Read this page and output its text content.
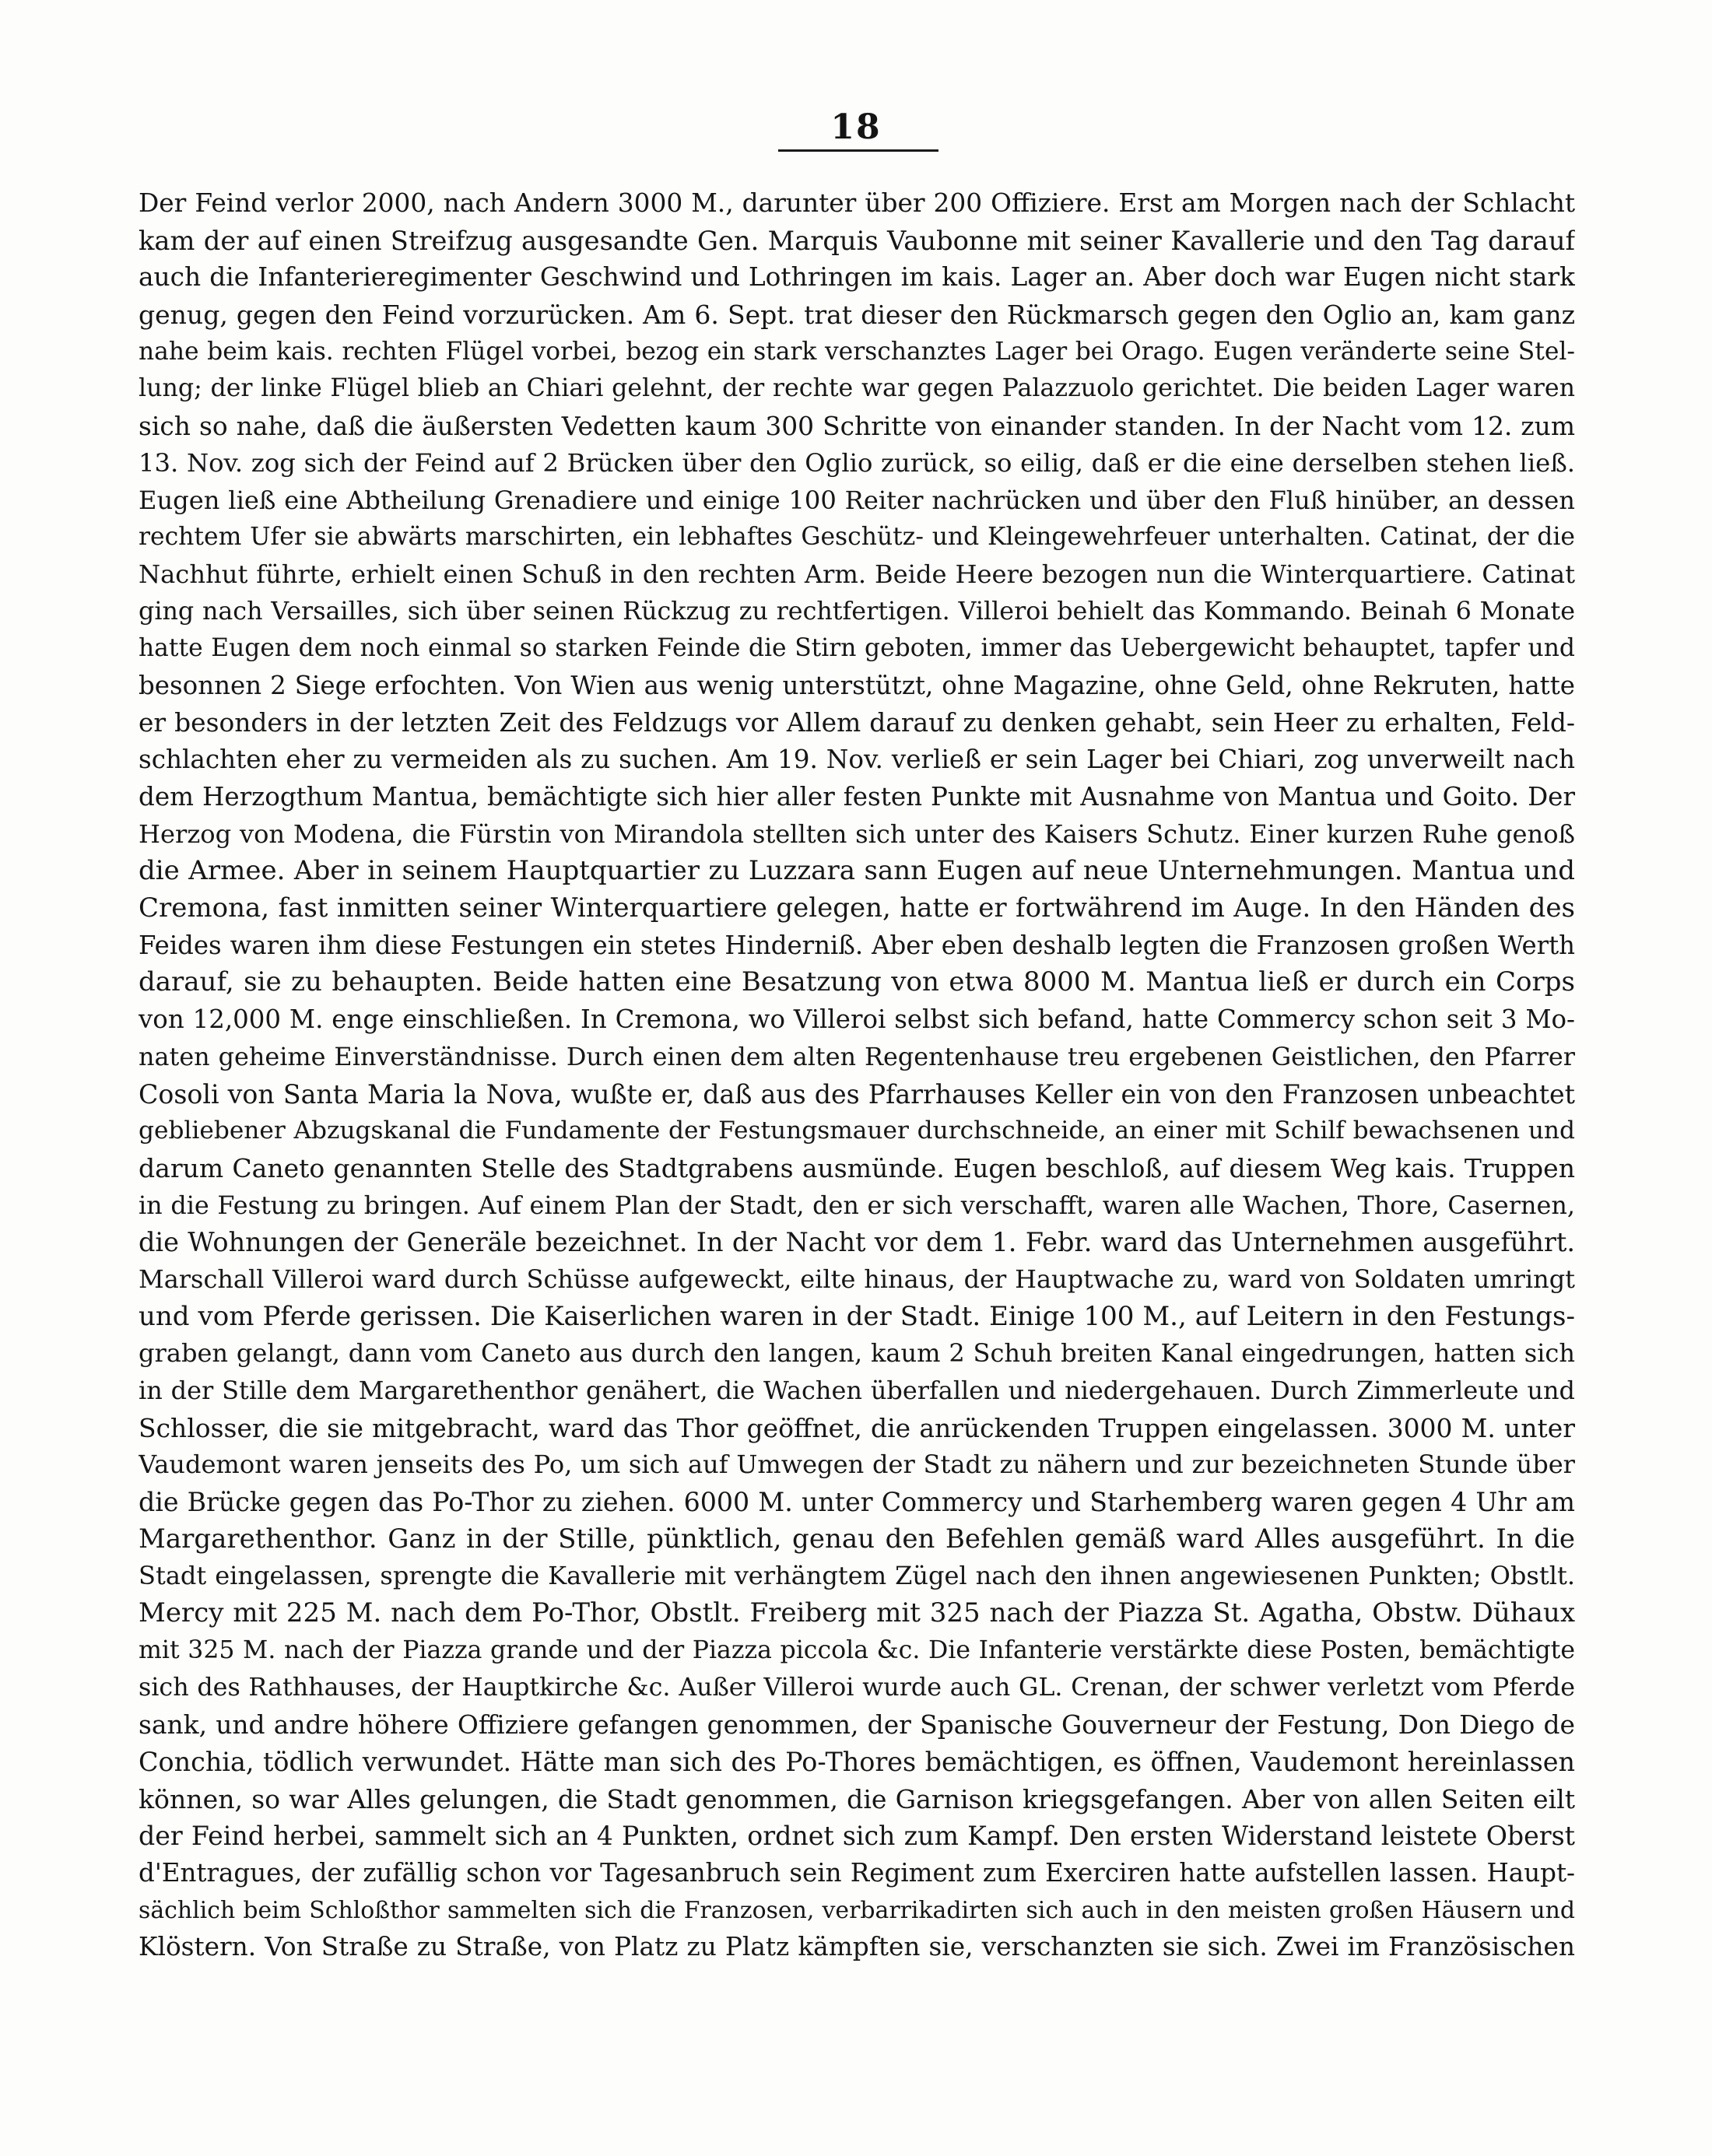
18
Der Feind verlor 2000, nach Andern 3000 M., darunter über 200 Offiziere. Erst am Morgen nach der Schlacht
kam der auf einen Streifzug ausgesandte Gen. Marquis Vaubonne mit seiner Kavallerie und den Tag darauf
auch die Infanterieregimenter Geschwind und Lothringen im kais. Lager an. Aber doch war Eugen nicht stark
genug, gegen den Feind vorzurücken. Am 6. Sept. trat dieser den Rückmarsch gegen den Oglio an, kam ganz
nahe beim kais. rechten Flügel vorbei, bezog ein stark verschanztes Lager bei Orago. Eugen veränderte seine Stel-
lung; der linke Flügel blieb an Chiari gelehnt, der rechte war gegen Palazzuolo gerichtet. Die beiden Lager waren
sich so nahe, daß die äußersten Vedetten kaum 300 Schritte von einander standen. In der Nacht vom 12. zum
13. Nov. zog sich der Feind auf 2 Brücken über den Oglio zurück, so eilig, daß er die eine derselben stehen ließ.
Eugen ließ eine Abtheilung Grenadiere und einige 100 Reiter nachrücken und über den Fluß hinüber, an dessen
rechtem Ufer sie abwärts marschirten, ein lebhaftes Geschütz- und Kleingewehrfeuer unterhalten. Catinat, der die
Nachhut führte, erhielt einen Schuß in den rechten Arm. Beide Heere bezogen nun die Winterquartiere. Catinat
ging nach Versailles, sich über seinen Rückzug zu rechtfertigen. Villeroi behielt das Kommando. Beinah 6 Monate
hatte Eugen dem noch einmal so starken Feinde die Stirn geboten, immer das Uebergewicht behauptet, tapfer und
besonnen 2 Siege erfochten. Von Wien aus wenig unterstützt, ohne Magazine, ohne Geld, ohne Rekruten, hatte
er besonders in der letzten Zeit des Feldzugs vor Allem darauf zu denken gehabt, sein Heer zu erhalten, Feld-
schlachten eher zu vermeiden als zu suchen. Am 19. Nov. verließ er sein Lager bei Chiari, zog unverweilt nach
dem Herzogthum Mantua, bemächtigte sich hier aller festen Punkte mit Ausnahme von Mantua und Goito. Der
Herzog von Modena, die Fürstin von Mirandola stellten sich unter des Kaisers Schutz. Einer kurzen Ruhe genoß
die Armee. Aber in seinem Hauptquartier zu Luzzara sann Eugen auf neue Unternehmungen. Mantua und
Cremona, fast inmitten seiner Winterquartiere gelegen, hatte er fortwährend im Auge. In den Händen des
Feides waren ihm diese Festungen ein stetes Hinderniß. Aber eben deshalb legten die Franzosen großen Werth
darauf, sie zu behaupten. Beide hatten eine Besatzung von etwa 8000 M. Mantua ließ er durch ein Corps
von 12,000 M. enge einschließen. In Cremona, wo Villeroi selbst sich befand, hatte Commercy schon seit 3 Mo-
naten geheime Einverständnisse. Durch einen dem alten Regentenhause treu ergebenen Geistlichen, den Pfarrer
Cosoli von Santa Maria la Nova, wußte er, daß aus des Pfarrhauses Keller ein von den Franzosen unbeachtet
gebliebener Abzugskanal die Fundamente der Festungsmauer durchschneide, an einer mit Schilf bewachsenen und
darum Caneto genannten Stelle des Stadtgrabens ausmünde. Eugen beschloß, auf diesem Weg kais. Truppen
in die Festung zu bringen. Auf einem Plan der Stadt, den er sich verschafft, waren alle Wachen, Thore, Casernen,
die Wohnungen der Generäle bezeichnet. In der Nacht vor dem 1. Febr. ward das Unternehmen ausgeführt.
Marschall Villeroi ward durch Schüsse aufgeweckt, eilte hinaus, der Hauptwache zu, ward von Soldaten umringt
und vom Pferde gerissen. Die Kaiserlichen waren in der Stadt. Einige 100 M., auf Leitern in den Festungs-
graben gelangt, dann vom Caneto aus durch den langen, kaum 2 Schuh breiten Kanal eingedrungen, hatten sich
in der Stille dem Margarethenthor genähert, die Wachen überfallen und niedergehauen. Durch Zimmerleute und
Schlosser, die sie mitgebracht, ward das Thor geöffnet, die anrückenden Truppen eingelassen. 3000 M. unter
Vaudemont waren jenseits des Po, um sich auf Umwegen der Stadt zu nähern und zur bezeichneten Stunde über
die Brücke gegen das Po-Thor zu ziehen. 6000 M. unter Commercy und Starhemberg waren gegen 4 Uhr am
Margarethenthor. Ganz in der Stille, pünktlich, genau den Befehlen gemäß ward Alles ausgeführt. In die
Stadt eingelassen, sprengte die Kavallerie mit verhängtem Zügel nach den ihnen angewiesenen Punkten; Obstlt.
Mercy mit 225 M. nach dem Po-Thor, Obstlt. Freiberg mit 325 nach der Piazza St. Agatha, Obstw. Dühaux
mit 325 M. nach der Piazza grande und der Piazza piccola &c. Die Infanterie verstärkte diese Posten, bemächtigte
sich des Rathhauses, der Hauptkirche &c. Außer Villeroi wurde auch GL. Crenan, der schwer verletzt vom Pferde
sank, und andre höhere Offiziere gefangen genommen, der Spanische Gouverneur der Festung, Don Diego de
Conchia, tödlich verwundet. Hätte man sich des Po-Thores bemächtigen, es öffnen, Vaudemont hereinlassen
können, so war Alles gelungen, die Stadt genommen, die Garnison kriegsgefangen. Aber von allen Seiten eilt
der Feind herbei, sammelt sich an 4 Punkten, ordnet sich zum Kampf. Den ersten Widerstand leistete Oberst
d'Entragues, der zufällig schon vor Tagesanbruch sein Regiment zum Exerciren hatte aufstellen lassen. Haupt-
sächlich beim Schloßthor sammelten sich die Franzosen, verbarrikadirten sich auch in den meisten großen Häusern und
Klöstern. Von Straße zu Straße, von Platz zu Platz kämpften sie, verschanzten sie sich. Zwei im Französischen
